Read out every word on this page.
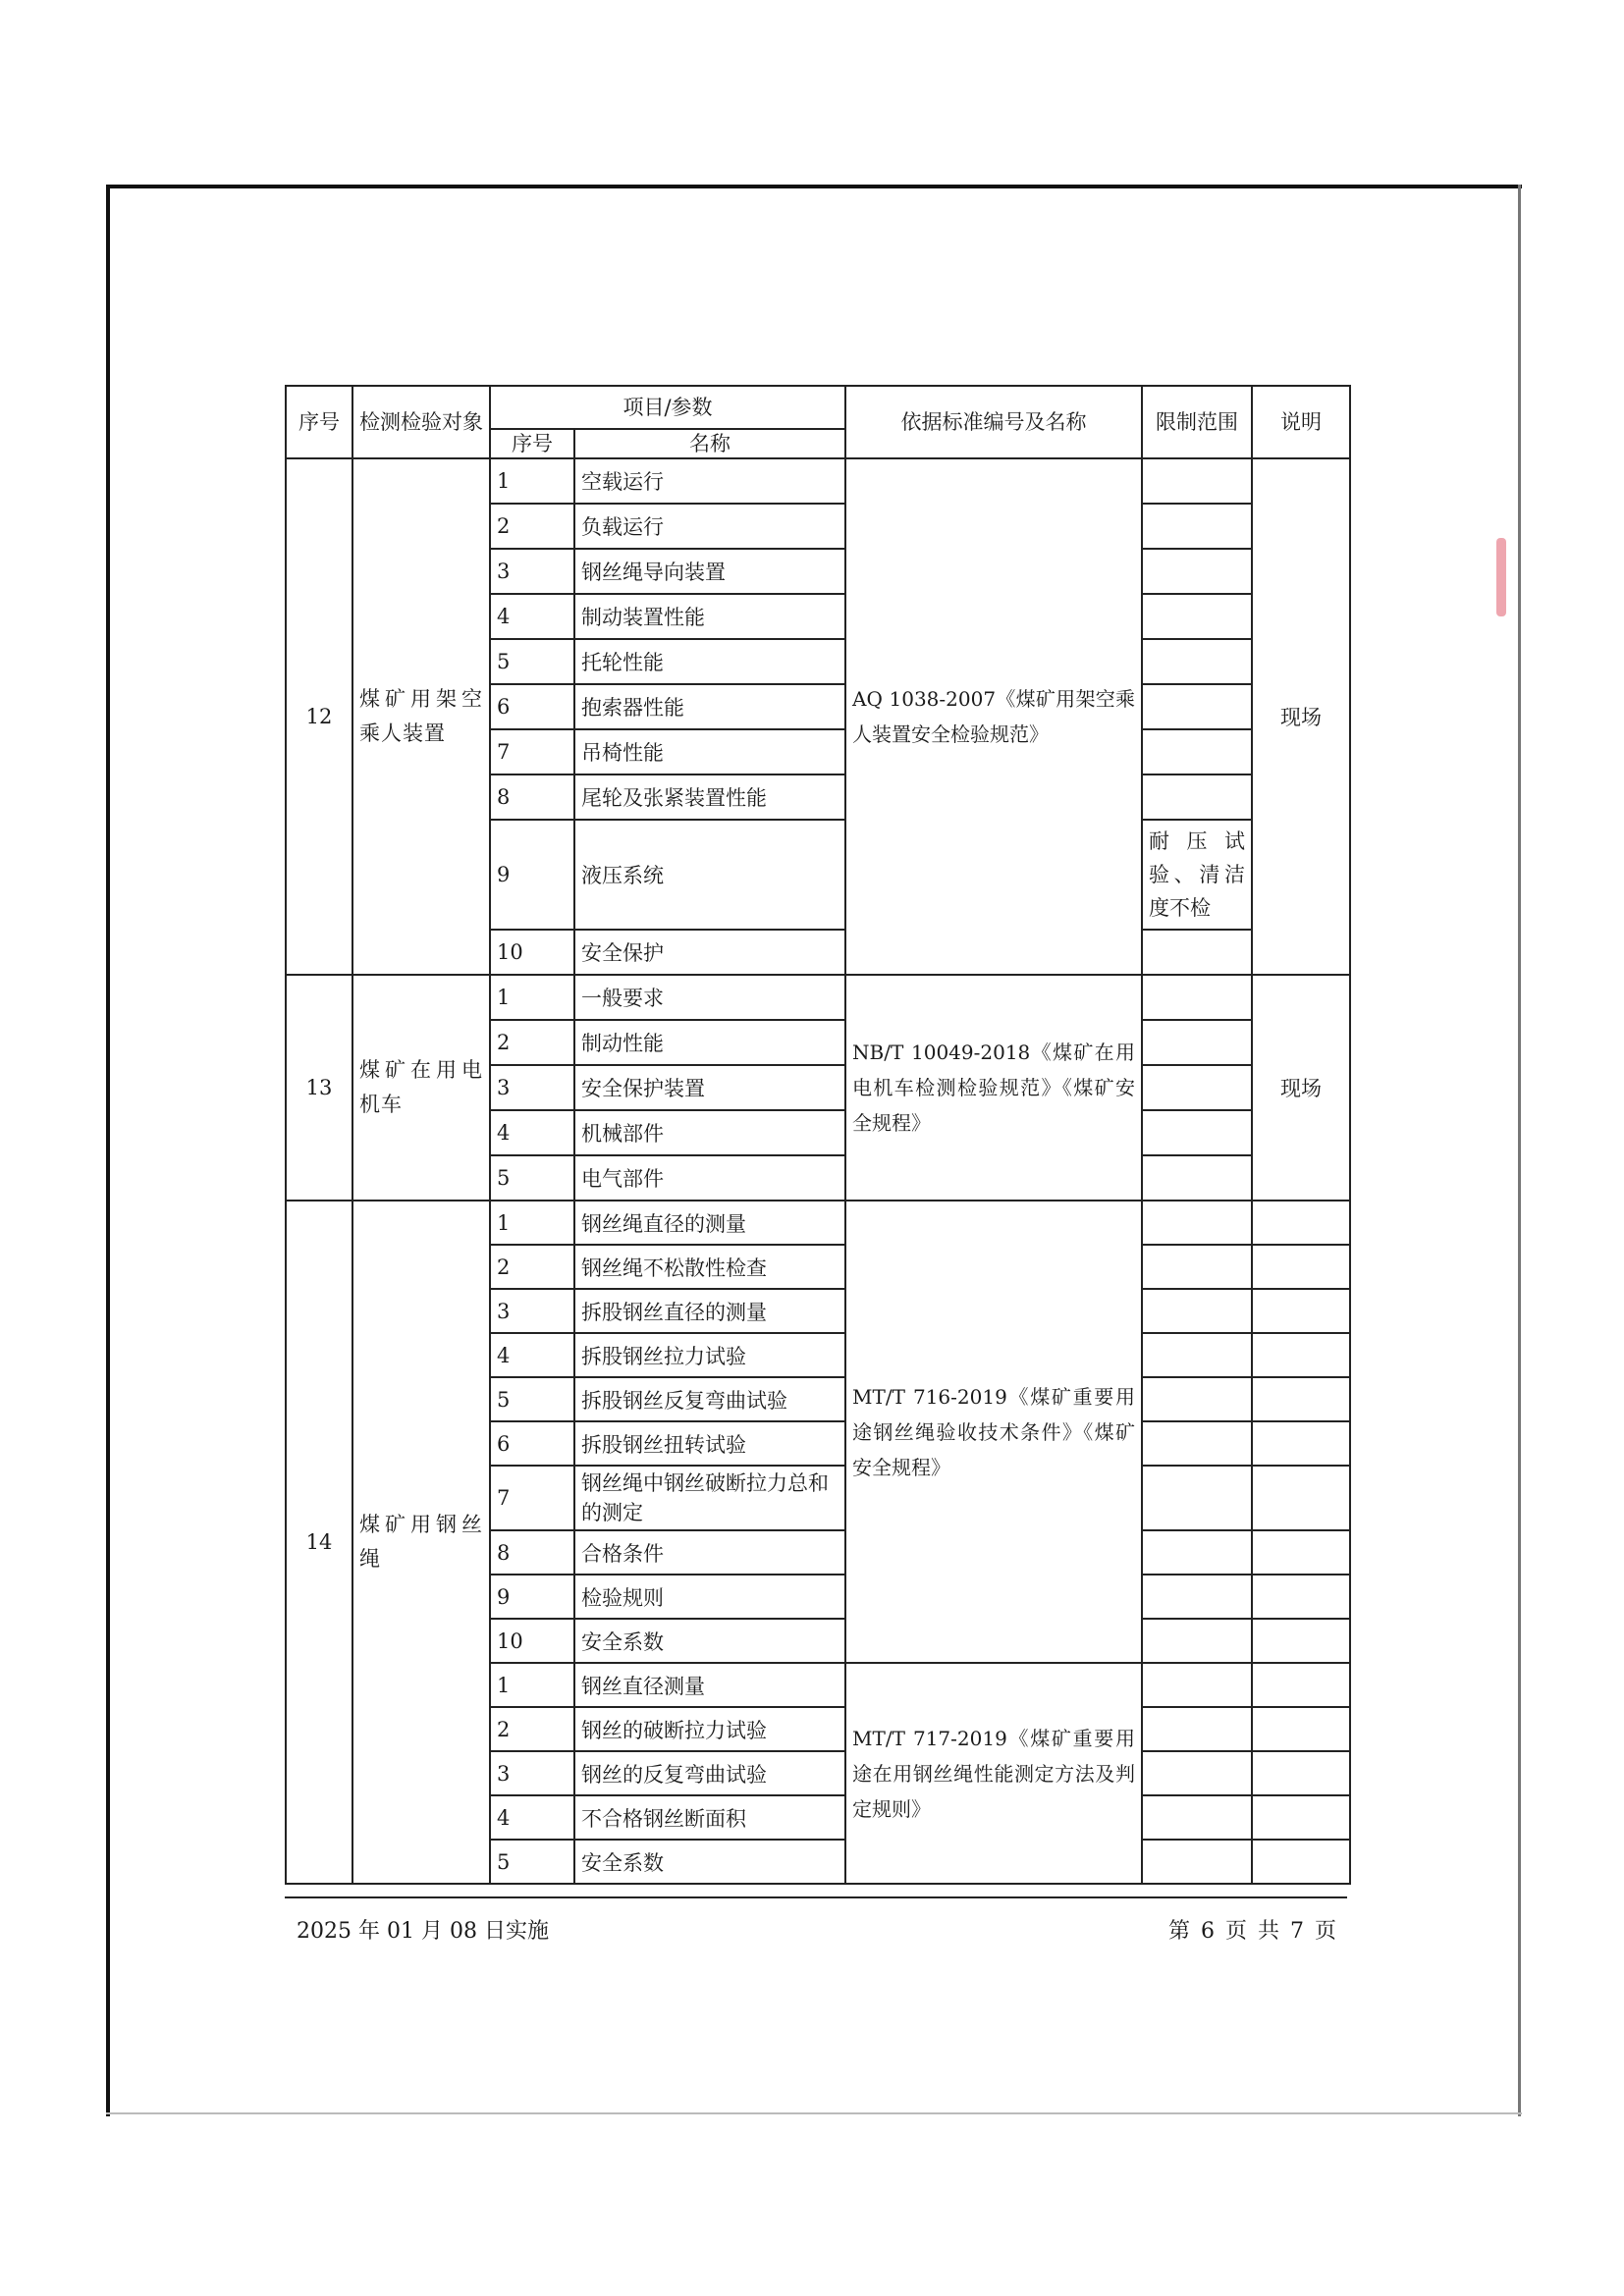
序号	检测检验对象	项目/参数		依据标准编号及名称	限制范围	说明
		序号	名称			
12	煤矿用架空乘人装置	1	空载运行	AQ 1038-2007《煤矿用架空乘人装置安全检验规范》		现场
		2	负载运行			
		3	钢丝绳导向装置			
		4	制动装置性能			
		5	托轮性能			
		6	抱索器性能			
		7	吊椅性能			
		8	尾轮及张紧装置性能			
		9	液压系统		耐压试验、清洁度不检	
		10	安全保护			
13	煤矿在用电机车	1	一般要求	NB/T 10049-2018《煤矿在用电机车检测检验规范》《煤矿安全规程》		现场
		2	制动性能			
		3	安全保护装置			
		4	机械部件			
		5	电气部件			
14	煤矿用钢丝绳	1	钢丝绳直径的测量	MT/T 716-2019《煤矿重要用途钢丝绳验收技术条件》《煤矿安全规程》		
		2	钢丝绳不松散性检查			
		3	拆股钢丝直径的测量			
		4	拆股钢丝拉力试验			
		5	拆股钢丝反复弯曲试验			
		6	拆股钢丝扭转试验			
		7	钢丝绳中钢丝破断拉力总和的测定			
		8	合格条件			
		9	检验规则			
		10	安全系数			
		1	钢丝直径测量	MT/T 717-2019《煤矿重要用途在用钢丝绳性能测定方法及判定规则》		
		2	钢丝的破断拉力试验			
		3	钢丝的反复弯曲试验			
		4	不合格钢丝断面积			
		5	安全系数			
2025 年 01 月 08 日实施	第 6 页 共 7 页
